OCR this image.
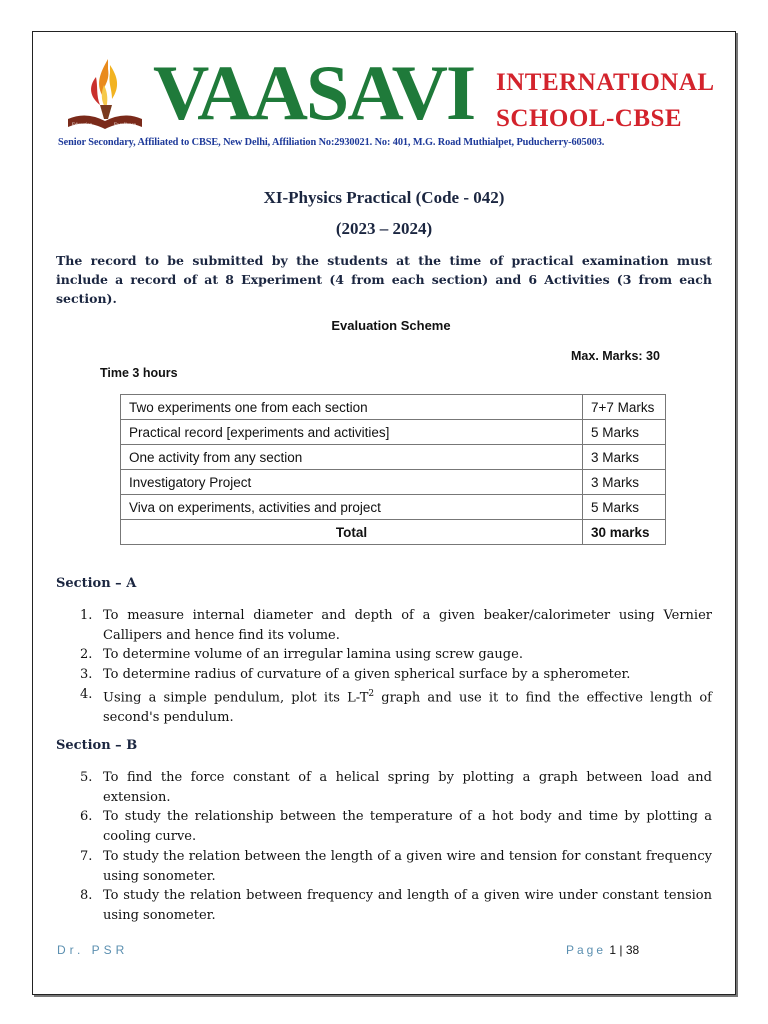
Education	Excellence VAASAVI INTERNATIONAL
SCHOOL-CBSE
Senior Secondary, Affiliated to CBSE, New Delhi, Affiliation No:2930021. No: 401, M.G. Road Muthialpet, Puducherry-605003.
XI-Physics Practical (Code - 042)
(2023 – 2024)
The record to be submitted by the students at the time of practical examination must include a record of at 8 Experiment (4 from each section) and 6 Activities (3 from each section).
Evaluation Scheme
Max. Marks: 30
Time 3 hours
Two experiments one from each section	7+7 Marks
Practical record [experiments and activities]	5 Marks
One activity from any section	3 Marks
Investigatory Project	3 Marks
Viva on experiments, activities and project	5 Marks
Total	30 marks
Section – A
1. To measure internal diameter and depth of a given beaker/calorimeter using Vernier Callipers and hence find its volume.
2. To determine volume of an irregular lamina using screw gauge.
3. To determine radius of curvature of a given spherical surface by a spherometer.
4. Using a simple pendulum, plot its $L-T^2$ graph and use it to find the effective length of second's pendulum.
Section – B
5. To find the force constant of a helical spring by plotting a graph between load and extension.
6. To study the relationship between the temperature of a hot body and time by plotting a cooling curve.
7. To study the relation between the length of a given wire and tension for constant frequency using sonometer.
8. To study the relation between frequency and length of a given wire under constant tension using sonometer.
Dr. PSR	Page 1 | 38
